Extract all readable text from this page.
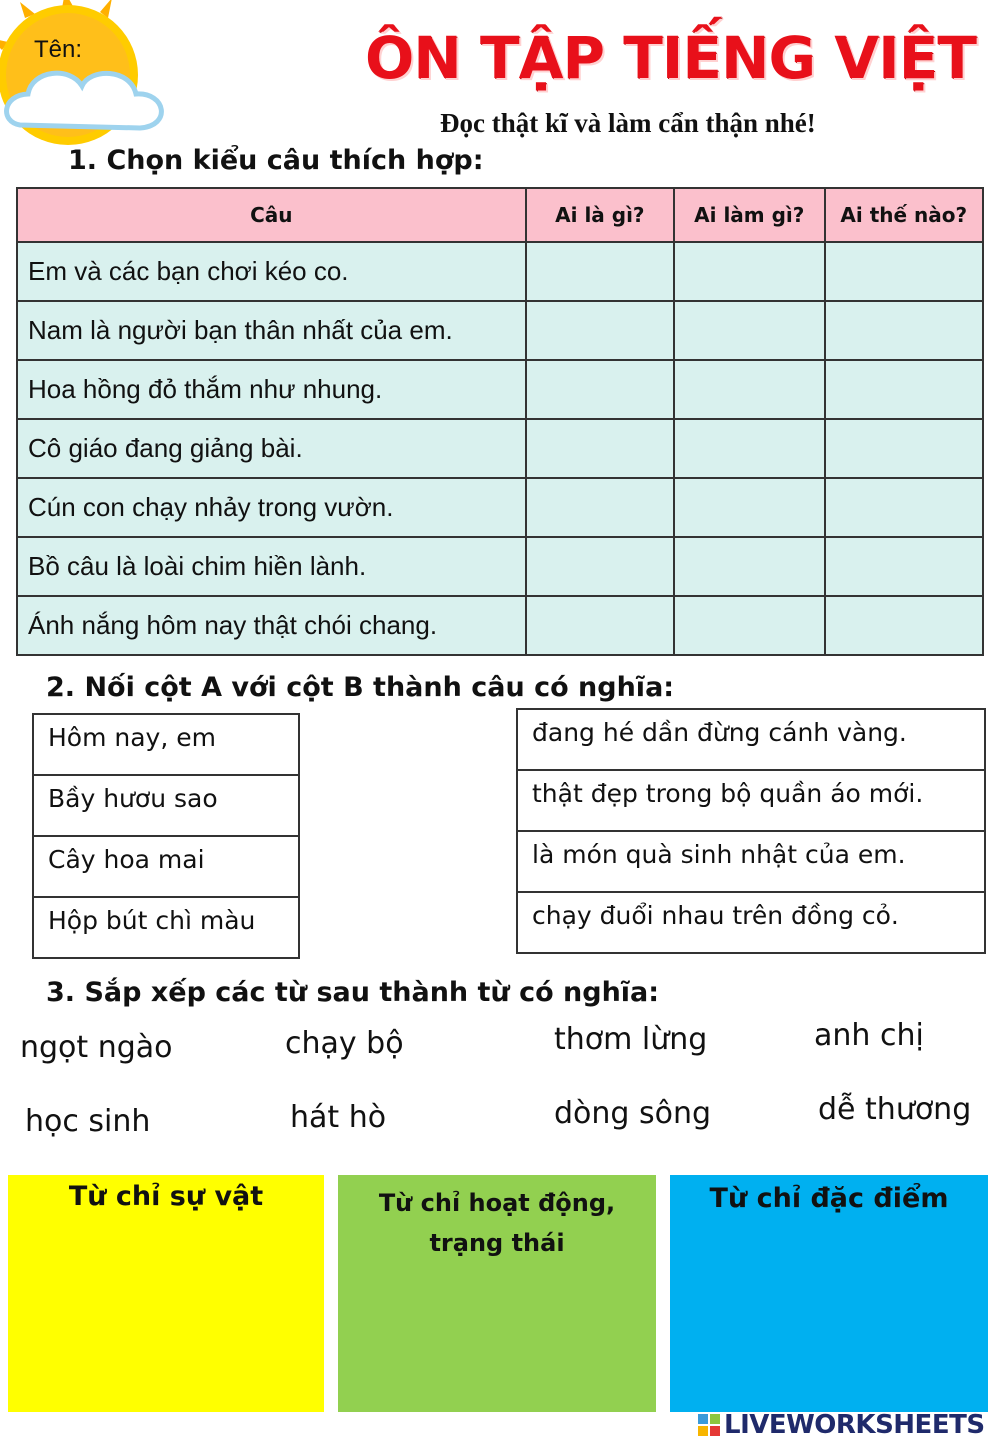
Tên:	ÔN TẬP TIẾNG VIỆT
Đọc thật kĩ và làm cẩn thận nhé!
1. Chọn kiểu câu thích hợp:
Câu	Ai là gì?	Ai làm gì?	Ai thế nào?
Em và các bạn chơi kéo co.			
Nam là người bạn thân nhất của em.			
Hoa hồng đỏ thắm như nhung.			
Cô giáo đang giảng bài.			
Cún con chạy nhảy trong vườn.			
Bồ câu là loài chim hiền lành.			
Ánh nắng hôm nay thật chói chang.			
2. Nối cột A với cột B thành câu có nghĩa:
Hôm nay, em
Bầy hươu sao
Cây hoa mai
Hộp bút chì màu
đang hé dần đừng cánh vàng.
thật đẹp trong bộ quần áo mới.
là món quà sinh nhật của em.
chạy đuổi nhau trên đồng cỏ.
3. Sắp xếp các từ sau thành từ có nghĩa:
ngọt ngào	chạy bộ	thơm lừng	anh chị
học sinh	hát hò	dòng sông	dễ thương
Từ chỉ sự vật	Từ chỉ hoạt động,
trạng thái
Từ chỉ đặc điểm
LIVEWORKSHEETS
